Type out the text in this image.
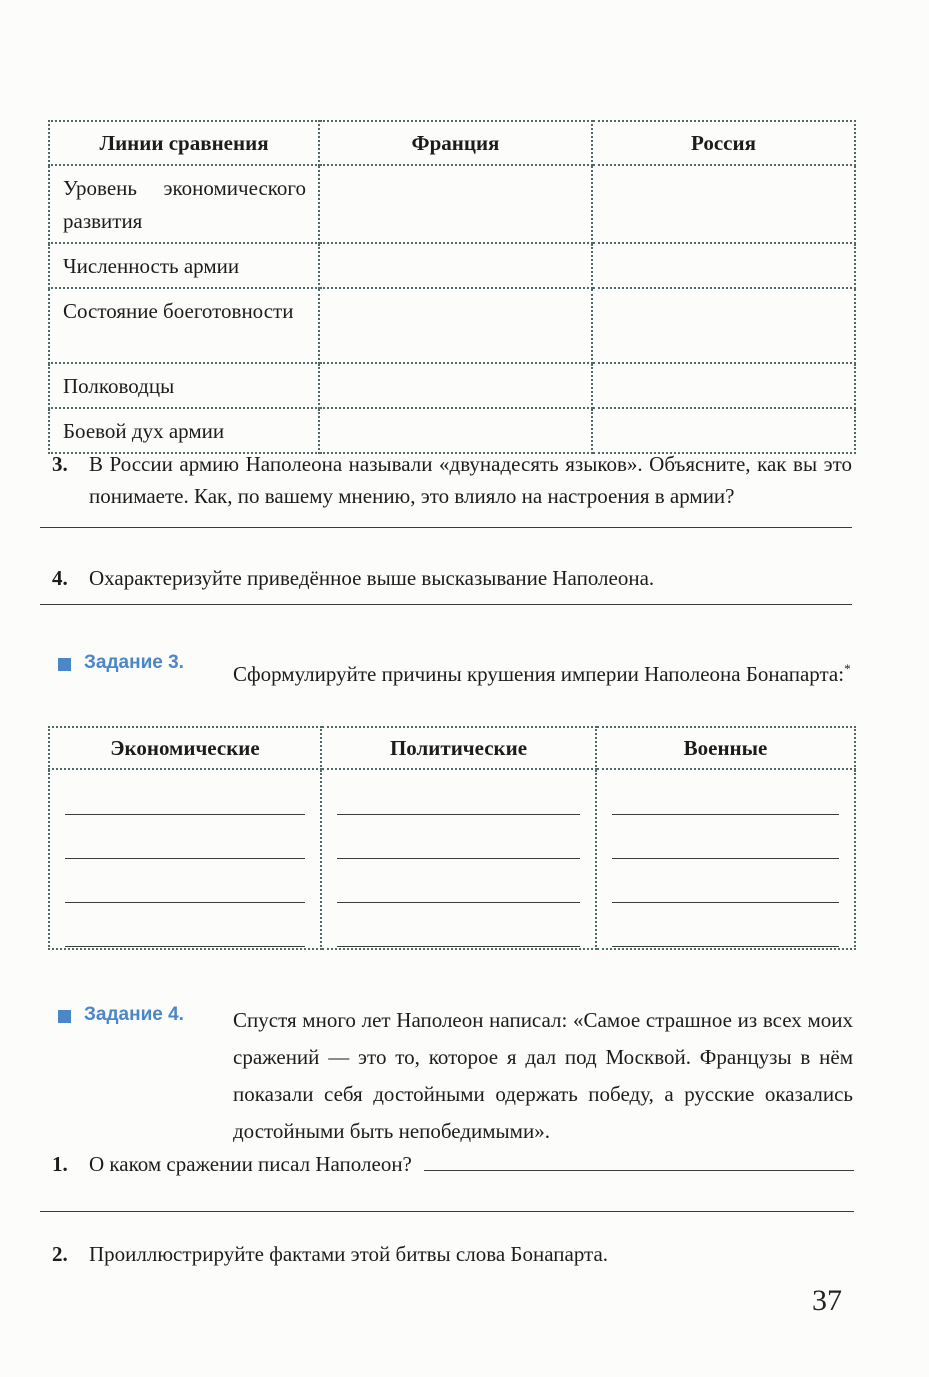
Линии сравнения	Франция	Россия
Уровень экономического развития		
Численность армии		
Состояние боеготовности		
Полководцы		
Боевой дух армии		
3.	В России армию Наполеона называли «двунадесять языков». Объясните, как вы это понимаете. Как, по вашему мнению, это влияло на настроения в армии?
4.	Охарактеризуйте приведённое выше высказывание Наполеона.
Задание 3. Сформулируйте причины крушения империи Наполеона Бонапарта:*
Экономические	Политические	Военные

Задание 4. Спустя много лет Наполеон написал: «Самое страшное из всех моих сражений — это то, которое я дал под Москвой. Французы в нём показали себя достойными одержать победу, а русские оказались достойными быть непобедимыми».
1.	О каком сражении писал Наполеон?
2.	Проиллюстрируйте фактами этой битвы слова Бонапарта.
37
